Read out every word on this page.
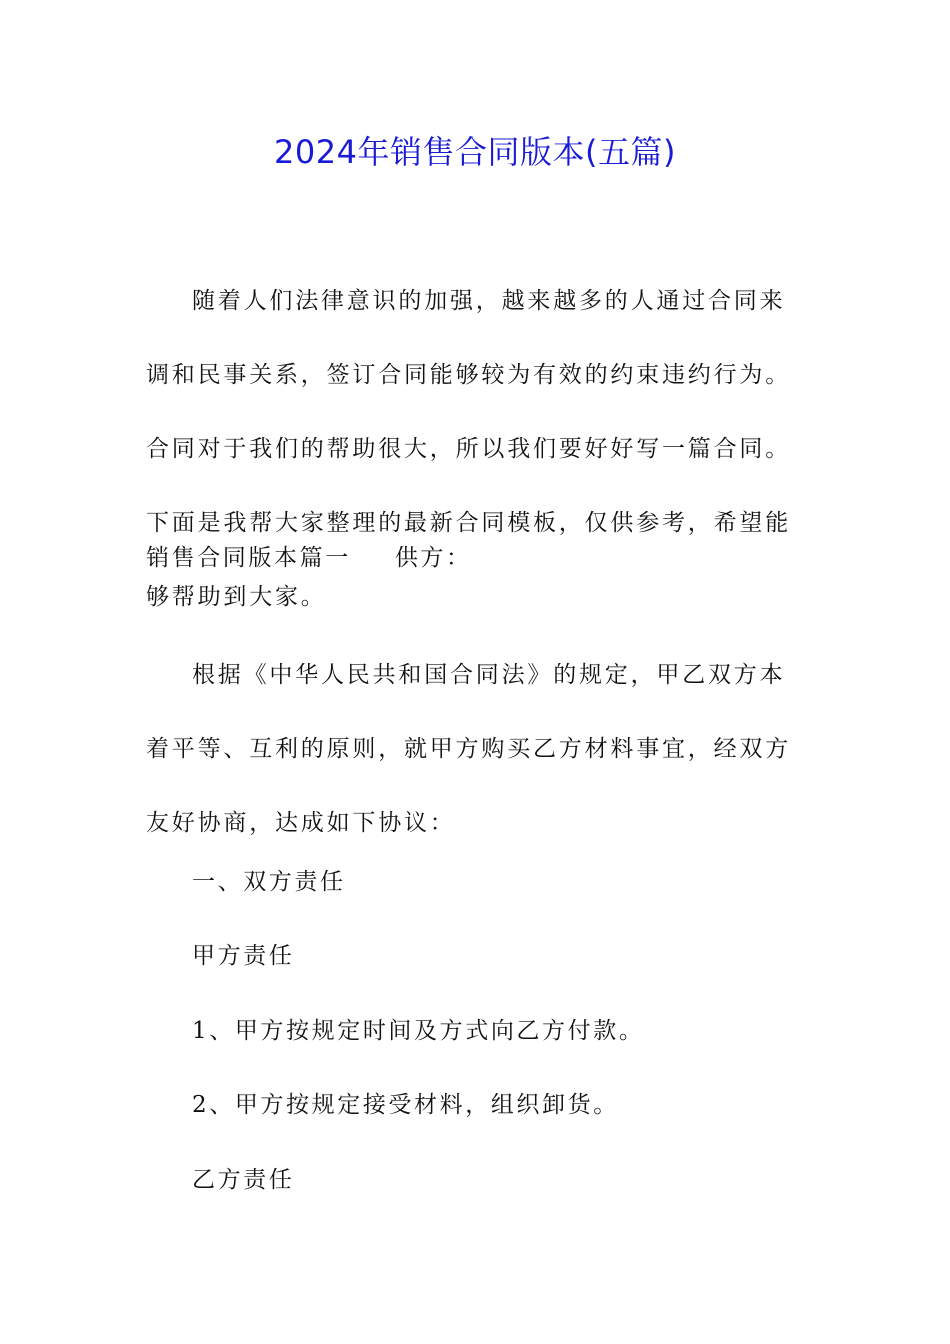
2024年销售合同版本(五篇)

随着人们法律意识的加强，越来越多的人通过合同来调和民事关系，签订合同能够较为有效的约束违约行为。合同对于我们的帮助很大，所以我们要好好写一篇合同。下面是我帮大家整理的最新合同模板，仅供参考，希望能够帮助到大家。

销售合同版本篇一 供方：

根据《中华人民共和国合同法》的规定，甲乙双方本着平等、互利的原则，就甲方购买乙方材料事宜，经双方友好协商，达成如下协议：

一、双方责任
甲方责任
1、甲方按规定时间及方式向乙方付款。
2、甲方按规定接受材料，组织卸货。
乙方责任
